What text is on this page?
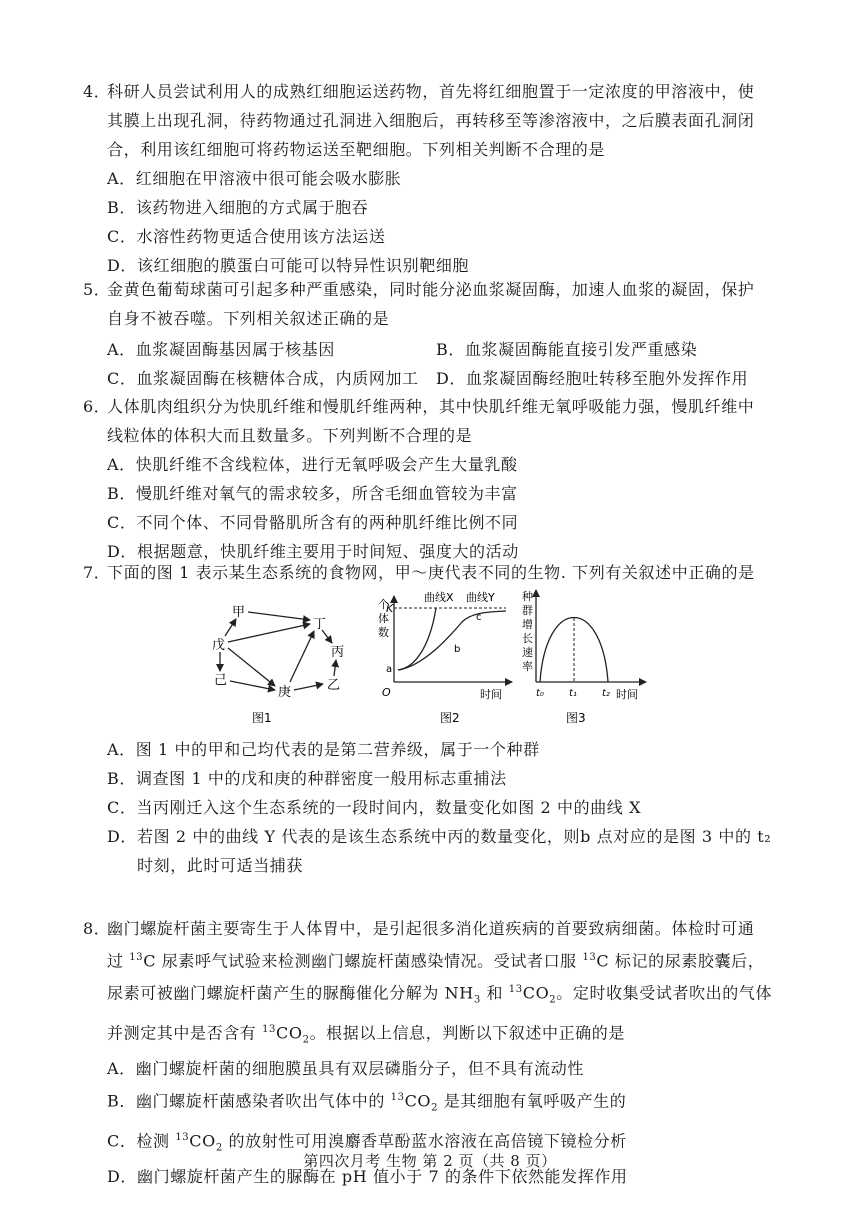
4．科研人员尝试利用人的成熟红细胞运送药物，首先将红细胞置于一定浓度的甲溶液中，使
其膜上出现孔洞，待药物通过孔洞进入细胞后，再转移至等渗溶液中，之后膜表面孔洞闭
合，利用该红细胞可将药物运送至靶细胞。下列相关判断不合理的是
A．红细胞在甲溶液中很可能会吸水膨胀
B．该药物进入细胞的方式属于胞吞
C．水溶性药物更适合使用该方法运送
D．该红细胞的膜蛋白可能可以特异性识别靶细胞
5．金黄色葡萄球菌可引起多种严重感染，同时能分泌血浆凝固酶，加速人血浆的凝固，保护
自身不被吞噬。下列相关叙述正确的是
A．血浆凝固酶基因属于核基因	B．血浆凝固酶能直接引发严重感染
C．血浆凝固酶在核糖体合成，内质网加工 D．血浆凝固酶经胞吐转移至胞外发挥作用
6．人体肌肉组织分为快肌纤维和慢肌纤维两种，其中快肌纤维无氧呼吸能力强，慢肌纤维中
线粒体的体积大而且数量多。下列判断不合理的是
A．快肌纤维不含线粒体，进行无氧呼吸会产生大量乳酸
B．慢肌纤维对氧气的需求较多，所含毛细血管较为丰富
C．不同个体、不同骨骼肌所含有的两种肌纤维比例不同
D．根据题意，快肌纤维主要用于时间短、强度大的活动
7．下面的图 1 表示某生态系统的食物网，甲～庚代表不同的生物. 下列有关叙述中正确的是
甲
丁
戊	丙
己
庚	乙
图1
个
体
数
K
曲线X 曲线Y
a
b
c
O	时间
图2
种
群
增
长
速
率
t₀	t₁	t₂ 时间
图3
A．图 1 中的甲和己均代表的是第二营养级，属于一个种群
B．调查图 1 中的戊和庚的种群密度一般用标志重捕法
C．当丙刚迁入这个生态系统的一段时间内，数量变化如图 2 中的曲线 X
D．若图 2 中的曲线 Y 代表的是该生态系统中丙的数量变化，则b 点对应的是图 3 中的 t₂
时刻，此时可适当捕获
8．幽门螺旋杆菌主要寄生于人体胃中，是引起很多消化道疾病的首要致病细菌。体检时可通
过 $^{13}$C 尿素呼气试验来检测幽门螺旋杆菌感染情况。受试者口服 $^{13}$C 标记的尿素胶囊后，
尿素可被幽门螺旋杆菌产生的脲酶催化分解为 $NH_3$ 和 $^{13}CO_2$。定时收集受试者吹出的气体
并测定其中是否含有 $^{13}CO_2$。根据以上信息，判断以下叙述中正确的是
A．幽门螺旋杆菌的细胞膜虽具有双层磷脂分子，但不具有流动性
B．幽门螺旋杆菌感染者吹出气体中的 $^{13}CO_2$ 是其细胞有氧呼吸产生的
C．检测 $^{13}CO_2$ 的放射性可用溴麝香草酚蓝水溶液在高倍镜下镜检分析
D．幽门螺旋杆菌产生的脲酶在 pH 值小于 7 的条件下依然能发挥作用
第四次月考 生物 第 2 页（共 8 页）
